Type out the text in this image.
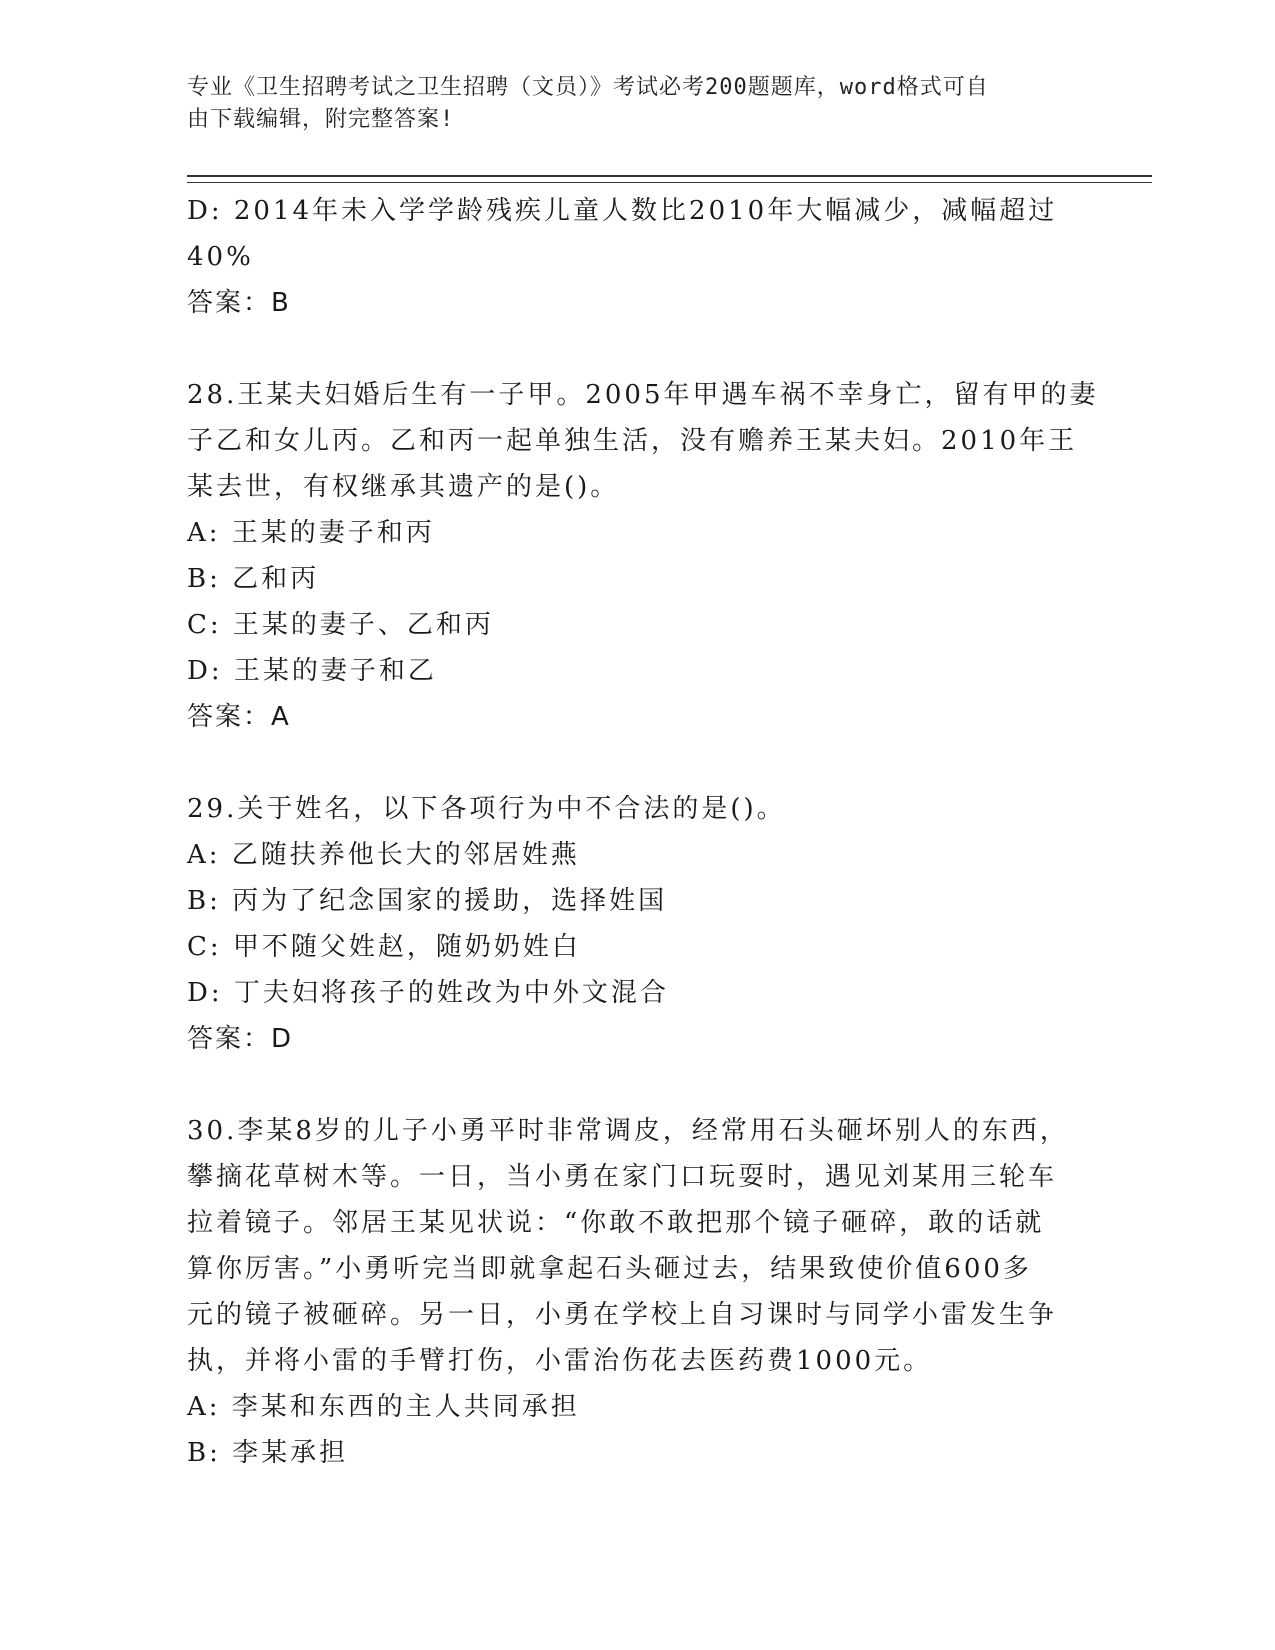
专业《卫生招聘考试之卫生招聘（文员）》考试必考200题题库，word格式可自
由下载编辑，附完整答案!
D: 2014年未入学学龄残疾儿童人数比2010年大幅减少，减幅超过
40%
答案：B
28.王某夫妇婚后生有一子甲。2005年甲遇车祸不幸身亡，留有甲的妻
子乙和女儿丙。乙和丙一起单独生活，没有赡养王某夫妇。2010年王
某去世，有权继承其遗产的是()。
A: 王某的妻子和丙
B: 乙和丙
C: 王某的妻子、乙和丙
D: 王某的妻子和乙
答案：A
29.关于姓名，以下各项行为中不合法的是()。
A: 乙随扶养他长大的邻居姓燕
B: 丙为了纪念国家的援助，选择姓国
C: 甲不随父姓赵，随奶奶姓白
D: 丁夫妇将孩子的姓改为中外文混合
答案：D
30.李某8岁的儿子小勇平时非常调皮，经常用石头砸坏别人的东西，
攀摘花草树木等。一日，当小勇在家门口玩耍时，遇见刘某用三轮车
拉着镜子。邻居王某见状说：“你敢不敢把那个镜子砸碎，敢的话就
算你厉害。”小勇听完当即就拿起石头砸过去，结果致使价值600多
元的镜子被砸碎。另一日，小勇在学校上自习课时与同学小雷发生争
执，并将小雷的手臂打伤，小雷治伤花去医药费1000元。
A: 李某和东西的主人共同承担
B: 李某承担
